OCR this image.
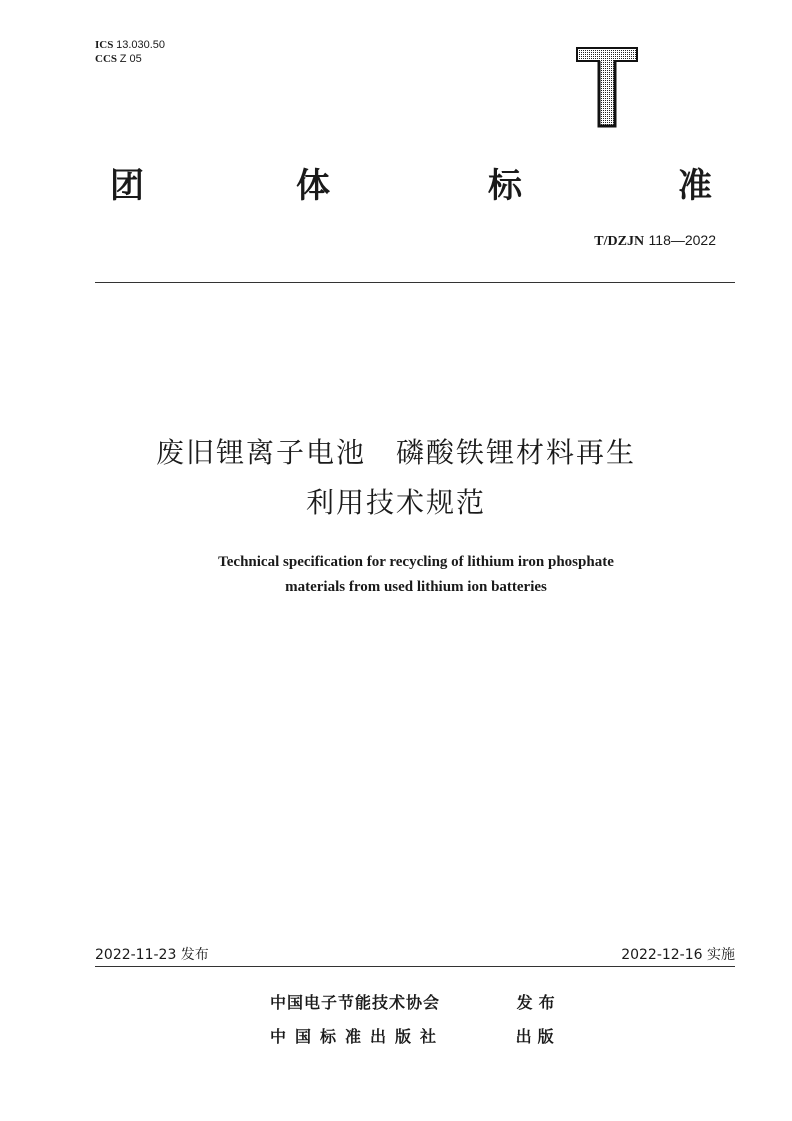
ICS 13.030.50
CCS Z 05
T
团	体	标	准
T/DZJN 118—2022
废旧锂离子电池　磷酸铁锂材料再生
利用技术规范
Technical specification for recycling of lithium iron phosphate
materials from used lithium ion batteries
2022-11-23 发布	2022-12-16 实施
中国电子节能技术协会	发布
中国标准出版社	出版
